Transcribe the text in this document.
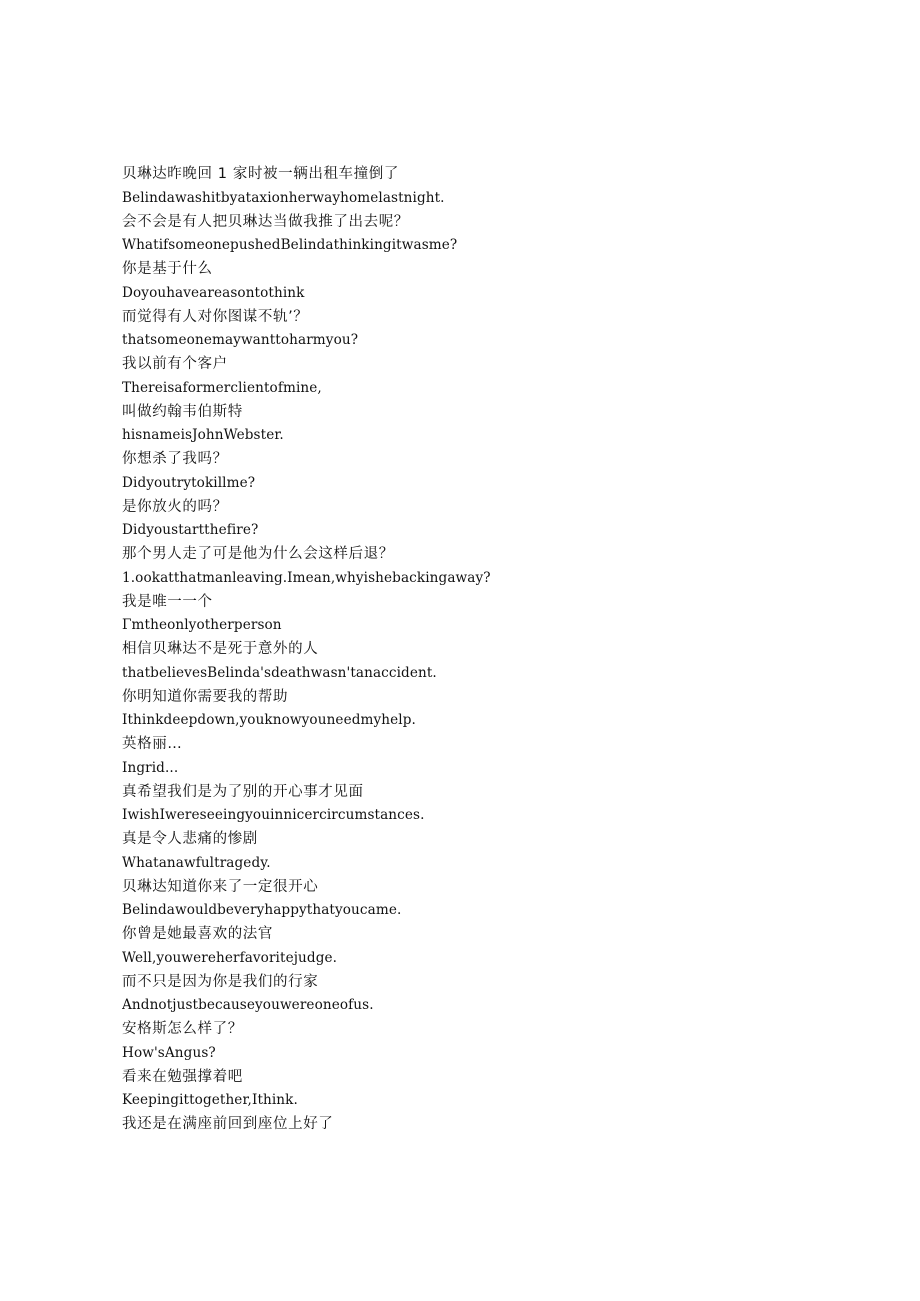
贝琳达昨晚回 1 家时被一辆出租车撞倒了
Belindawashitbyataxionherwayhomelastnight.
会不会是有人把贝琳达当做我推了出去呢？
WhatifsomeonepushedBelindathinkingitwasme?
你是基于什么
Doyouhaveareasontothink
而觉得有人对你图谋不轨’？
thatsomeonemaywanttoharmyou?
我以前有个客户
Thereisaformerclientofmine,
叫做约翰韦伯斯特
hisnameisJohnWebster.
你想杀了我吗？
Didyoutrytokillme?
是你放火的吗？
Didyoustartthefire?
那个男人走了可是他为什么会这样后退？
1.ookatthatmanleaving.Imean,whyishebackingaway?
我是唯一一个
Γmtheonlyotherperson
相信贝琳达不是死于意外的人
thatbelievesBelinda'sdeathwasn'tanaccident.
你明知道你需要我的帮助
Ithinkdeepdown,youknowyouneedmyhelp.
英格丽…
Ingrid...
真希望我们是为了别的开心事才见面
IwishIwereseeingyouinnicercircumstances.
真是令人悲痛的惨剧
Whatanawfultragedy.
贝琳达知道你来了一定很开心
Belindawouldbeveryhappythatyoucame.
你曾是她最喜欢的法官
Well,youwereherfavoritejudge.
而不只是因为你是我们的行家
Andnotjustbecauseyouwereoneofus.
安格斯怎么样了？
How'sAngus?
看来在勉强撑着吧
Keepingittogether,Ithink.
我还是在满座前回到座位上好了
